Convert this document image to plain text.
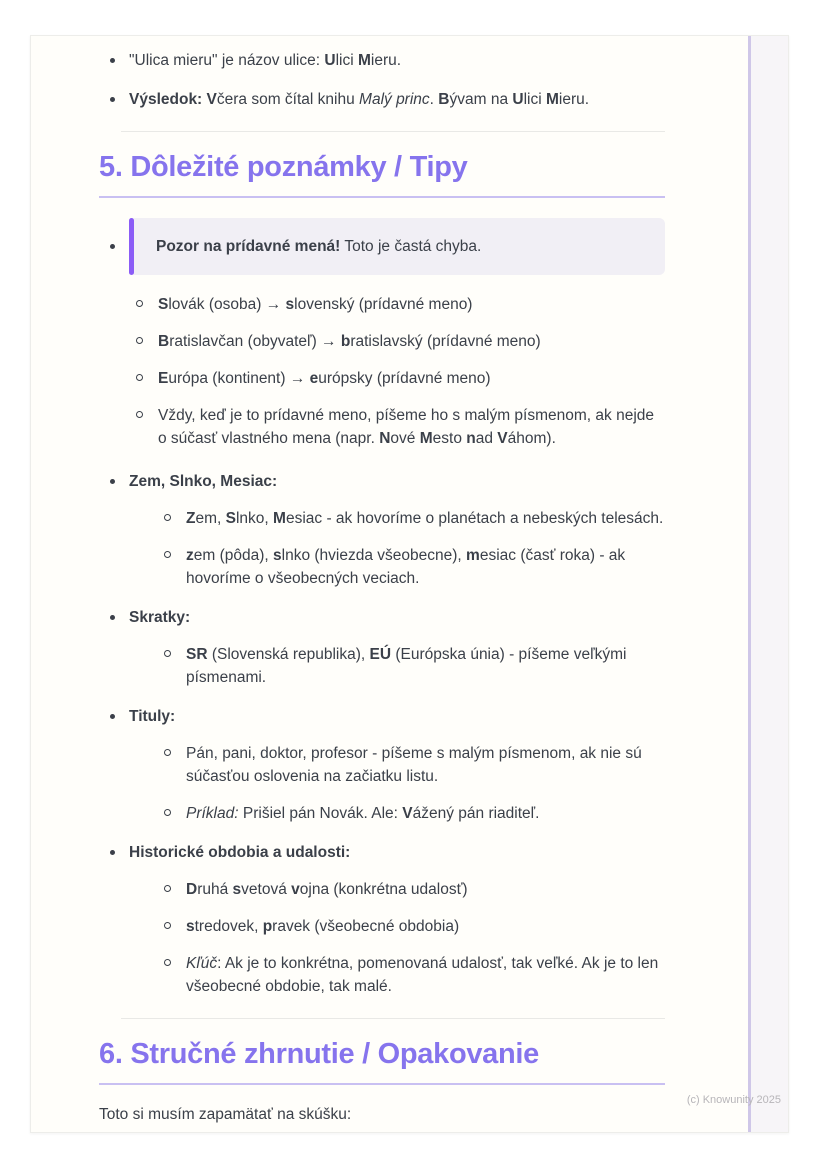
(c) Knowunity 2025
"Ulica mieru" je názov ulice: Ulici Mieru.
Výsledok: Včera som čítal knihu Malý princ. Bývam na Ulici Mieru.
5. Dôležité poznámky / Tipy
Pozor na prídavné mená! Toto je častá chyba.
Slovák (osoba) → slovenský (prídavné meno)
Bratislavčan (obyvateľ) → bratislavský (prídavné meno)
Európa (kontinent) → európsky (prídavné meno)
Vždy, keď je to prídavné meno, píšeme ho s malým písmenom, ak nejde o súčasť vlastného mena (napr. Nové Mesto nad Váhom).
Zem, Slnko, Mesiac:
Zem, Slnko, Mesiac - ak hovoríme o planétach a nebeských telesách.
zem (pôda), slnko (hviezda všeobecne), mesiac (časť roka) - ak hovoríme o všeobecných veciach.
Skratky:
SR (Slovenská republika), EÚ (Európska únia) - píšeme veľkými písmenami.
Tituly:
Pán, pani, doktor, profesor - píšeme s malým písmenom, ak nie sú súčasťou oslovenia na začiatku listu.
Príklad: Prišiel pán Novák. Ale: Vážený pán riaditeľ.
Historické obdobia a udalosti:
Druhá svetová vojna (konkrétna udalosť)
stredovek, pravek (všeobecné obdobia)
Kľúč: Ak je to konkrétna, pomenovaná udalosť, tak veľké. Ak je to len všeobecné obdobie, tak malé.
6. Stručné zhrnutie / Opakovanie

Toto si musím zapamätať na skúšku:
